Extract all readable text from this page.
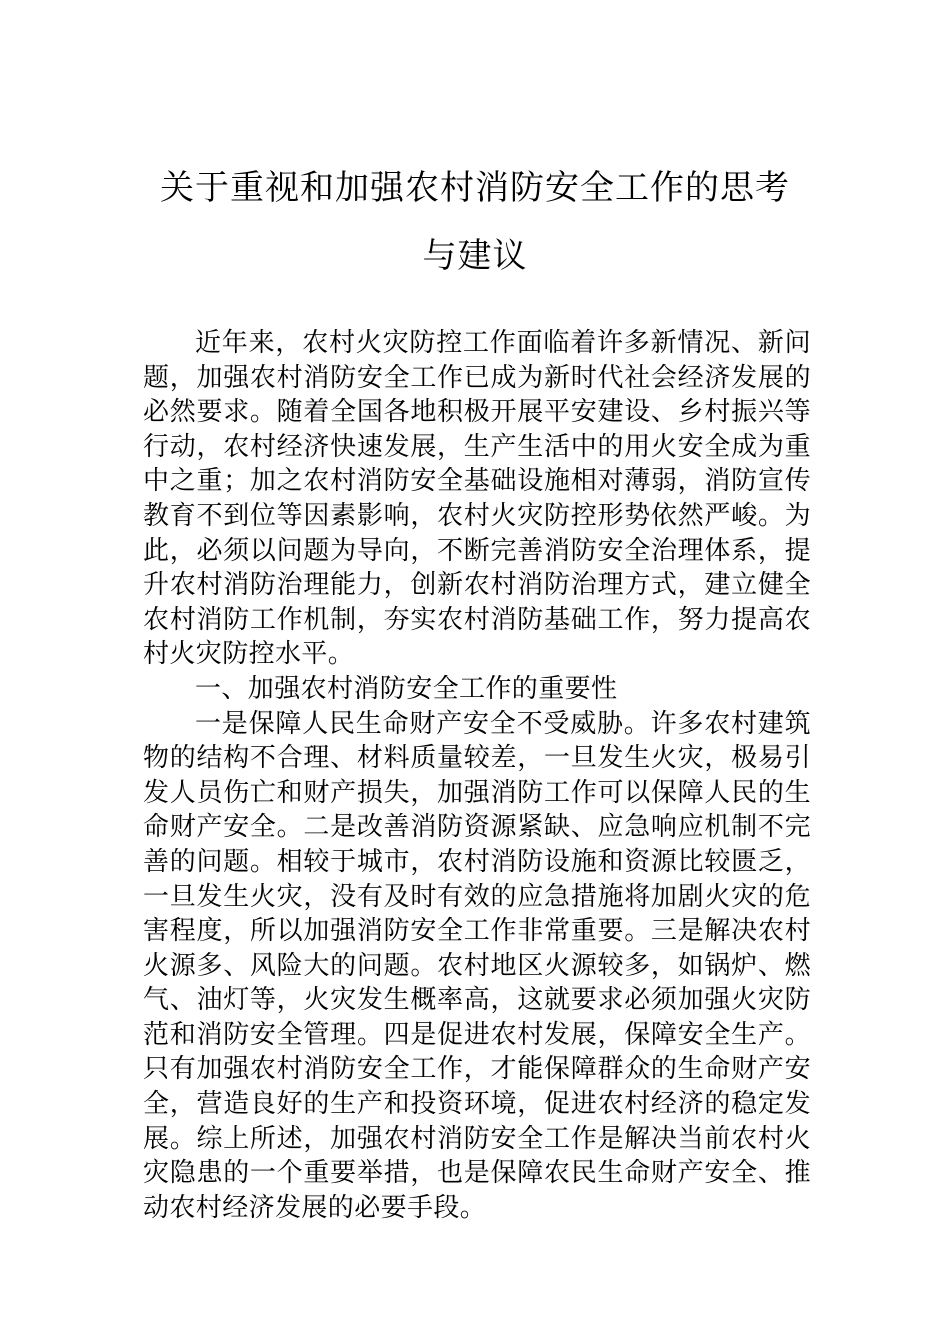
关于重视和加强农村消防安全工作的思考
与建议

近年来，农村火灾防控工作面临着许多新情况、新问题，加强农村消防安全工作已成为新时代社会经济发展的必然要求。随着全国各地积极开展平安建设、乡村振兴等行动，农村经济快速发展，生产生活中的用火安全成为重中之重；加之农村消防安全基础设施相对薄弱，消防宣传教育不到位等因素影响，农村火灾防控形势依然严峻。为此，必须以问题为导向，不断完善消防安全治理体系，提升农村消防治理能力，创新农村消防治理方式，建立健全农村消防工作机制，夯实农村消防基础工作，努力提高农村火灾防控水平。

一、加强农村消防安全工作的重要性

一是保障人民生命财产安全不受威胁。许多农村建筑物的结构不合理、材料质量较差，一旦发生火灾，极易引发人员伤亡和财产损失，加强消防工作可以保障人民的生命财产安全。二是改善消防资源紧缺、应急响应机制不完善的问题。相较于城市，农村消防设施和资源比较匮乏，一旦发生火灾，没有及时有效的应急措施将加剧火灾的危害程度，所以加强消防安全工作非常重要。三是解决农村火源多、风险大的问题。农村地区火源较多，如锅炉、燃气、油灯等，火灾发生概率高，这就要求必须加强火灾防范和消防安全管理。四是促进农村发展，保障安全生产。只有加强农村消防安全工作，才能保障群众的生命财产安全，营造良好的生产和投资环境，促进农村经济的稳定发展。综上所述，加强农村消防安全工作是解决当前农村火灾隐患的一个重要举措，也是保障农民生命财产安全、推动农村经济发展的必要手段。
